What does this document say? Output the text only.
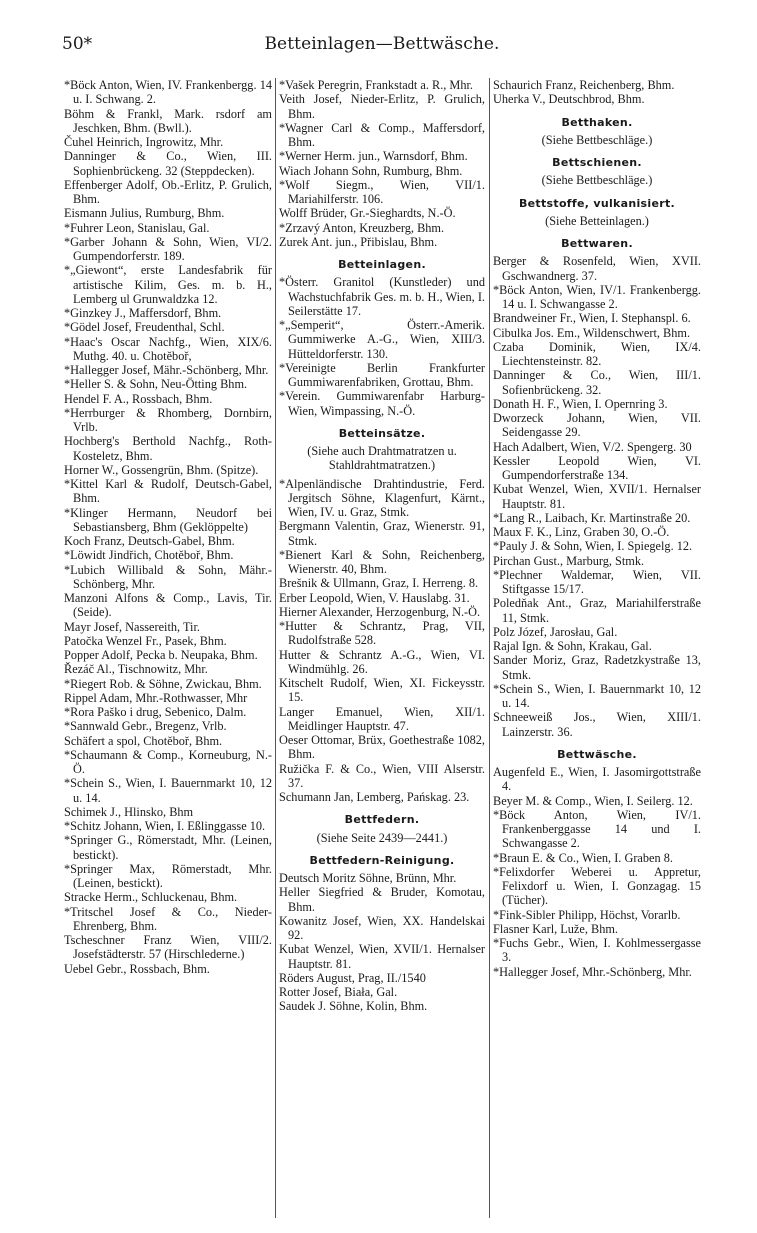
50*	Betteinlagen—Bettwäsche.
*Böck Anton, Wien, IV. Frankenbergg. 14 u. I. Schwang. 2.
Böhm & Frankl, Mark. rsdorf am Jeschken, Bhm. (Bwll.).
Čuhel Heinrich, Ingrowitz, Mhr.
Danninger & Co., Wien, III. Sophienbrückeng. 32 (Steppdecken).
Effenberger Adolf, Ob.-Erlitz, P. Grulich, Bhm.
Eismann Julius, Rumburg, Bhm.
*Fuhrer Leon, Stanislau, Gal.
*Garber Johann & Sohn, Wien, VI/2. Gumpendorferstr. 189.
*„Giewont“, erste Landesfabrik für artistische Kilim, Ges. m. b. H., Lemberg ul Grunwaldzka 12.
*Ginzkey J., Maffersdorf, Bhm.
*Gödel Josef, Freudenthal, Schl.
*Haac's Oscar Nachfg., Wien, XIX/6. Muthg. 40. u. Chotěboř,
*Hallegger Josef, Mähr.-Schönberg, Mhr.
*Heller S. & Sohn, Neu-Ötting Bhm.
Hendel F. A., Rossbach, Bhm.
*Herrburger & Rhomberg, Dornbirn, Vrlb.
Hochberg's Berthold Nachfg., Roth-Kosteletz, Bhm.
Horner W., Gossengrün, Bhm. (Spitze).
*Kittel Karl & Rudolf, Deutsch-Gabel, Bhm.
*Klinger Hermann, Neudorf bei Sebastiansberg, Bhm (Geklöppelte)
Koch Franz, Deutsch-Gabel, Bhm.
*Löwidt Jindřich, Chotěboř, Bhm.
*Lubich Willibald & Sohn, Mähr.-Schönberg, Mhr.
Manzoni Alfons & Comp., Lavis, Tir. (Seide).
Mayr Josef, Nassereith, Tir.
Patočka Wenzel Fr., Pasek, Bhm.
Popper Adolf, Pecka b. Neupaka, Bhm.
Řezáč Al., Tischnowitz, Mhr.
*Riegert Rob. & Söhne, Zwickau, Bhm.
Rippel Adam, Mhr.-Rothwasser, Mhr
*Rora Paško i drug, Sebenico, Dalm.
*Sannwald Gebr., Bregenz, Vrlb.
Schäfert a spol, Chotěboř, Bhm.
*Schaumann & Comp., Korneuburg, N.-Ö.
*Schein S., Wien, I. Bauernmarkt 10, 12 u. 14.
Schimek J., Hlinsko, Bhm
*Schitz Johann, Wien, I. Eßlinggasse 10.
*Springer G., Römerstadt, Mhr. (Leinen, bestickt).
*Springer Max, Römerstadt, Mhr. (Leinen, bestickt).
Stracke Herm., Schluckenau, Bhm.
*Tritschel Josef & Co., Nieder-Ehrenberg, Bhm.
Tscheschner Franz Wien, VIII/2. Josefstädterstr. 57 (Hirschlederne.)
Uebel Gebr., Rossbach, Bhm.
*Vašek Peregrin, Frankstadt a. R., Mhr.
Veith Josef, Nieder-Erlitz, P. Grulich, Bhm.
*Wagner Carl & Comp., Maffersdorf, Bhm.
*Werner Herm. jun., Warnsdorf, Bhm.
Wiach Johann Sohn, Rumburg, Bhm.
*Wolf Siegm., Wien, VII/1. Mariahilferstr. 106.
Wolff Brüder, Gr.-Sieghardts, N.-Ö.
*Zrzavý Anton, Kreuzberg, Bhm.
Zurek Ant. jun., Přibislau, Bhm.
Betteinlagen.
*Österr. Granitol (Kunstleder) und Wachstuchfabrik Ges. m. b. H., Wien, I. Seilerstätte 17.
*„Semperit“, Österr.-Amerik. Gummiwerke A.-G., Wien, XIII/3. Hütteldorferstr. 130.
*Vereinigte Berlin Frankfurter Gummiwarenfabriken, Grottau, Bhm.
*Verein. Gummiwarenfabr Harburg-Wien, Wimpassing, N.-Ö.
Betteinsätze.
(Siehe auch Drahtmatratzen u. Stahldrahtmatratzen.)
*Alpenländische Drahtindustrie, Ferd. Jergitsch Söhne, Klagenfurt, Kärnt., Wien, IV. u. Graz, Stmk.
Bergmann Valentin, Graz, Wienerstr. 91, Stmk.
*Bienert Karl & Sohn, Reichenberg, Wienerstr. 40, Bhm.
Brešnik & Ullmann, Graz, I. Herreng. 8.
Erber Leopold, Wien, V. Hauslabg. 31.
Hierner Alexander, Herzogenburg, N.-Ö.
*Hutter & Schrantz, Prag, VII, Rudolfstraße 528.
Hutter & Schrantz A.-G., Wien, VI. Windmühlg. 26.
Kitschelt Rudolf, Wien, XI. Fickeysstr. 15.
Langer Emanuel, Wien, XII/1. Meidlinger Hauptstr. 47.
Oeser Ottomar, Brüx, Goethestraße 1082, Bhm.
Ružička F. & Co., Wien, VIII Alserstr. 37.
Schumann Jan, Lemberg, Pańskag. 23.
Bettfedern.
(Siehe Seite 2439—2441.)
Bettfedern-Reinigung.
Deutsch Moritz Söhne, Brünn, Mhr.
Heller Siegfried & Bruder, Komotau, Bhm.
Kowanitz Josef, Wien, XX. Handelskai 92.
Kubat Wenzel, Wien, XVII/1. Hernalser Hauptstr. 81.
Röders August, Prag, II./1540
Rotter Josef, Biała, Gal.
Saudek J. Söhne, Kolin, Bhm.
Schaurich Franz, Reichenberg, Bhm.
Uherka V., Deutschbrod, Bhm.
Betthaken.
(Siehe Bettbeschläge.)
Bettschienen.
(Siehe Bettbeschläge.)
Bettstoffe, vulkanisiert.
(Siehe Betteinlagen.)
Bettwaren.
Berger & Rosenfeld, Wien, XVII. Gschwandnerg. 37.
*Böck Anton, Wien, IV/1. Frankenbergg. 14 u. I. Schwangasse 2.
Brandweiner Fr., Wien, I. Stephanspl. 6.
Cibulka Jos. Em., Wildenschwert, Bhm.
Czaba Dominik, Wien, IX/4. Liechtensteinstr. 82.
Danninger & Co., Wien, III/1. Sofienbrückeng. 32.
Donath H. F., Wien, I. Opernring 3.
Dworzeck Johann, Wien, VII. Seidengasse 29.
Hach Adalbert, Wien, V/2. Spengerg. 30
Kessler Leopold Wien, VI. Gumpendorferstraße 134.
Kubat Wenzel, Wien, XVII/1. Hernalser Hauptstr. 81.
*Lang R., Laibach, Kr. Martinstraße 20.
Maux F. K., Linz, Graben 30, O.-Ö.
*Pauly J. & Sohn, Wien, I. Spiegelg. 12.
Pirchan Gust., Marburg, Stmk.
*Plechner Waldemar, Wien, VII. Stiftgasse 15/17.
Poledňak Ant., Graz, Mariahilferstraße 11, Stmk.
Polz Józef, Jarosłau, Gal.
Rajal Ign. & Sohn, Krakau, Gal.
Sander Moriz, Graz, Radetzkystraße 13, Stmk.
*Schein S., Wien, I. Bauernmarkt 10, 12 u. 14.
Schneeweiß Jos., Wien, XIII/1. Lainzerstr. 36.
Bettwäsche.
Augenfeld E., Wien, I. Jasomirgottstraße 4.
Beyer M. & Comp., Wien, I. Seilerg. 12.
*Böck Anton, Wien, IV/1. Frankenberggasse 14 und I. Schwangasse 2.
*Braun E. & Co., Wien, I. Graben 8.
*Felixdorfer Weberei u. Appretur, Felixdorf u. Wien, I. Gonzagag. 15 (Tücher).
*Fink-Sibler Philipp, Höchst, Vorarlb.
Flasner Karl, Luže, Bhm.
*Fuchs Gebr., Wien, I. Kohlmessergasse 3.
*Hallegger Josef, Mhr.-Schönberg, Mhr.
